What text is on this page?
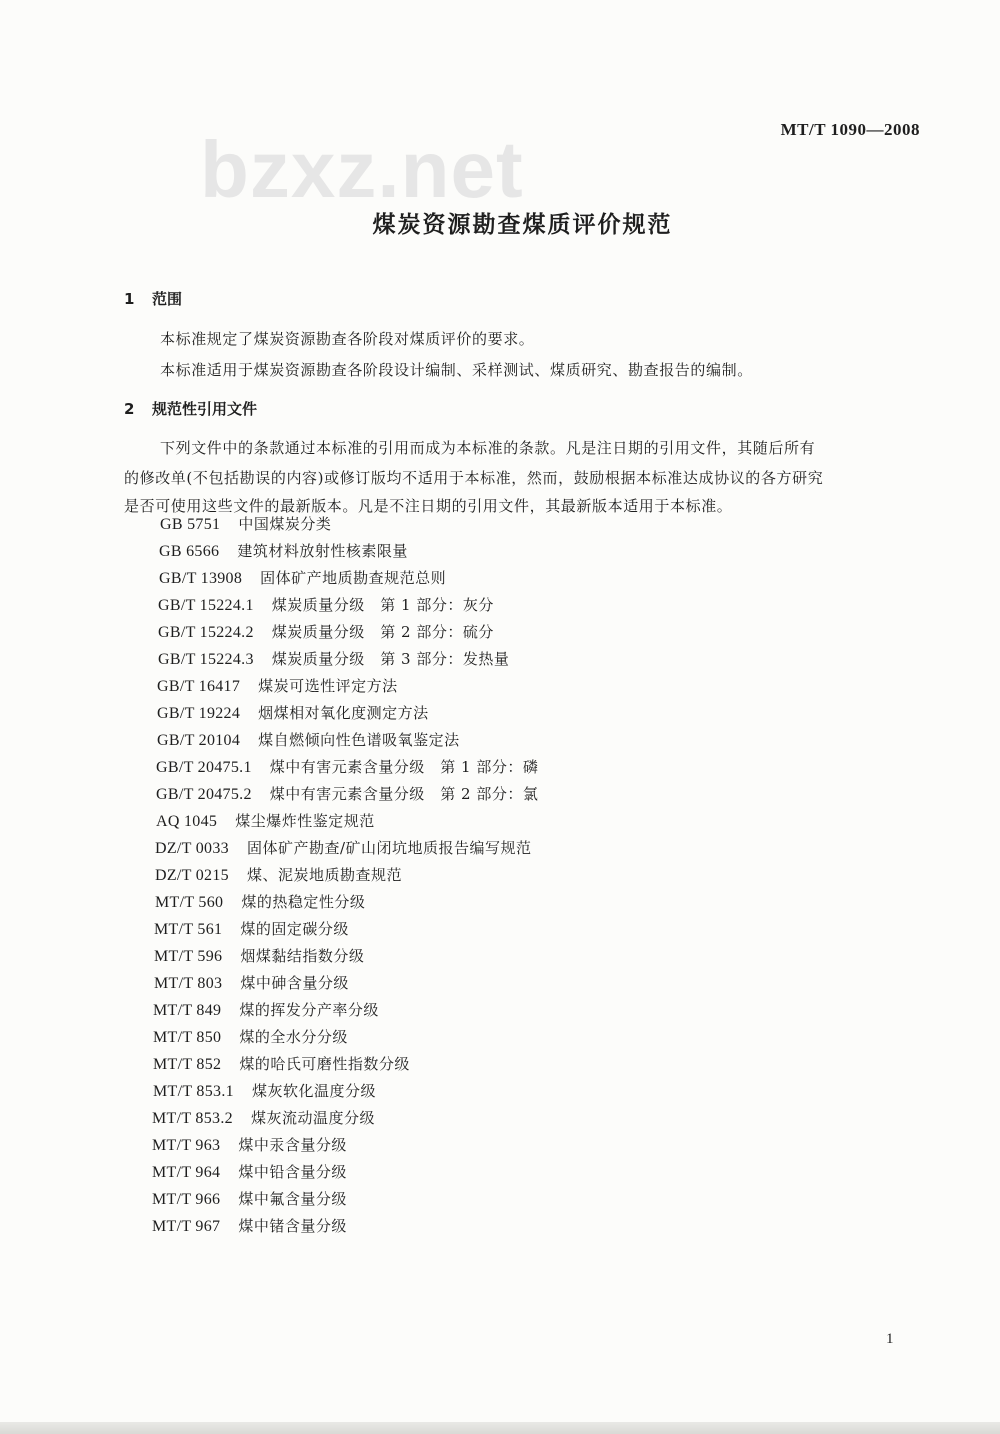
MT/T 1090—2008
bzxz.net
煤炭资源勘查煤质评价规范
1 范围
本标准规定了煤炭资源勘查各阶段对煤质评价的要求。
本标准适用于煤炭资源勘查各阶段设计编制、采样测试、煤质研究、勘查报告的编制。
2 规范性引用文件
下列文件中的条款通过本标准的引用而成为本标准的条款。凡是注日期的引用文件，其随后所有
的修改单(不包括勘误的内容)或修订版均不适用于本标准，然而，鼓励根据本标准达成协议的各方研究
是否可使用这些文件的最新版本。凡是不注日期的引用文件，其最新版本适用于本标准。
GB 5751 中国煤炭分类
GB 6566 建筑材料放射性核素限量
GB/T 13908 固体矿产地质勘查规范总则
GB/T 15224.1 煤炭质量分级　第 1 部分：灰分
GB/T 15224.2 煤炭质量分级　第 2 部分：硫分
GB/T 15224.3 煤炭质量分级　第 3 部分：发热量
GB/T 16417 煤炭可选性评定方法
GB/T 19224 烟煤相对氧化度测定方法
GB/T 20104 煤自燃倾向性色谱吸氧鉴定法
GB/T 20475.1 煤中有害元素含量分级　第 1 部分：磷
GB/T 20475.2 煤中有害元素含量分级　第 2 部分：氯
AQ 1045 煤尘爆炸性鉴定规范
DZ/T 0033 固体矿产勘查/矿山闭坑地质报告编写规范
DZ/T 0215 煤、泥炭地质勘查规范
MT/T 560 煤的热稳定性分级
MT/T 561 煤的固定碳分级
MT/T 596 烟煤黏结指数分级
MT/T 803 煤中砷含量分级
MT/T 849 煤的挥发分产率分级
MT/T 850 煤的全水分分级
MT/T 852 煤的哈氏可磨性指数分级
MT/T 853.1 煤灰软化温度分级
MT/T 853.2 煤灰流动温度分级
MT/T 963 煤中汞含量分级
MT/T 964 煤中铅含量分级
MT/T 966 煤中氟含量分级
MT/T 967 煤中锗含量分级
1
